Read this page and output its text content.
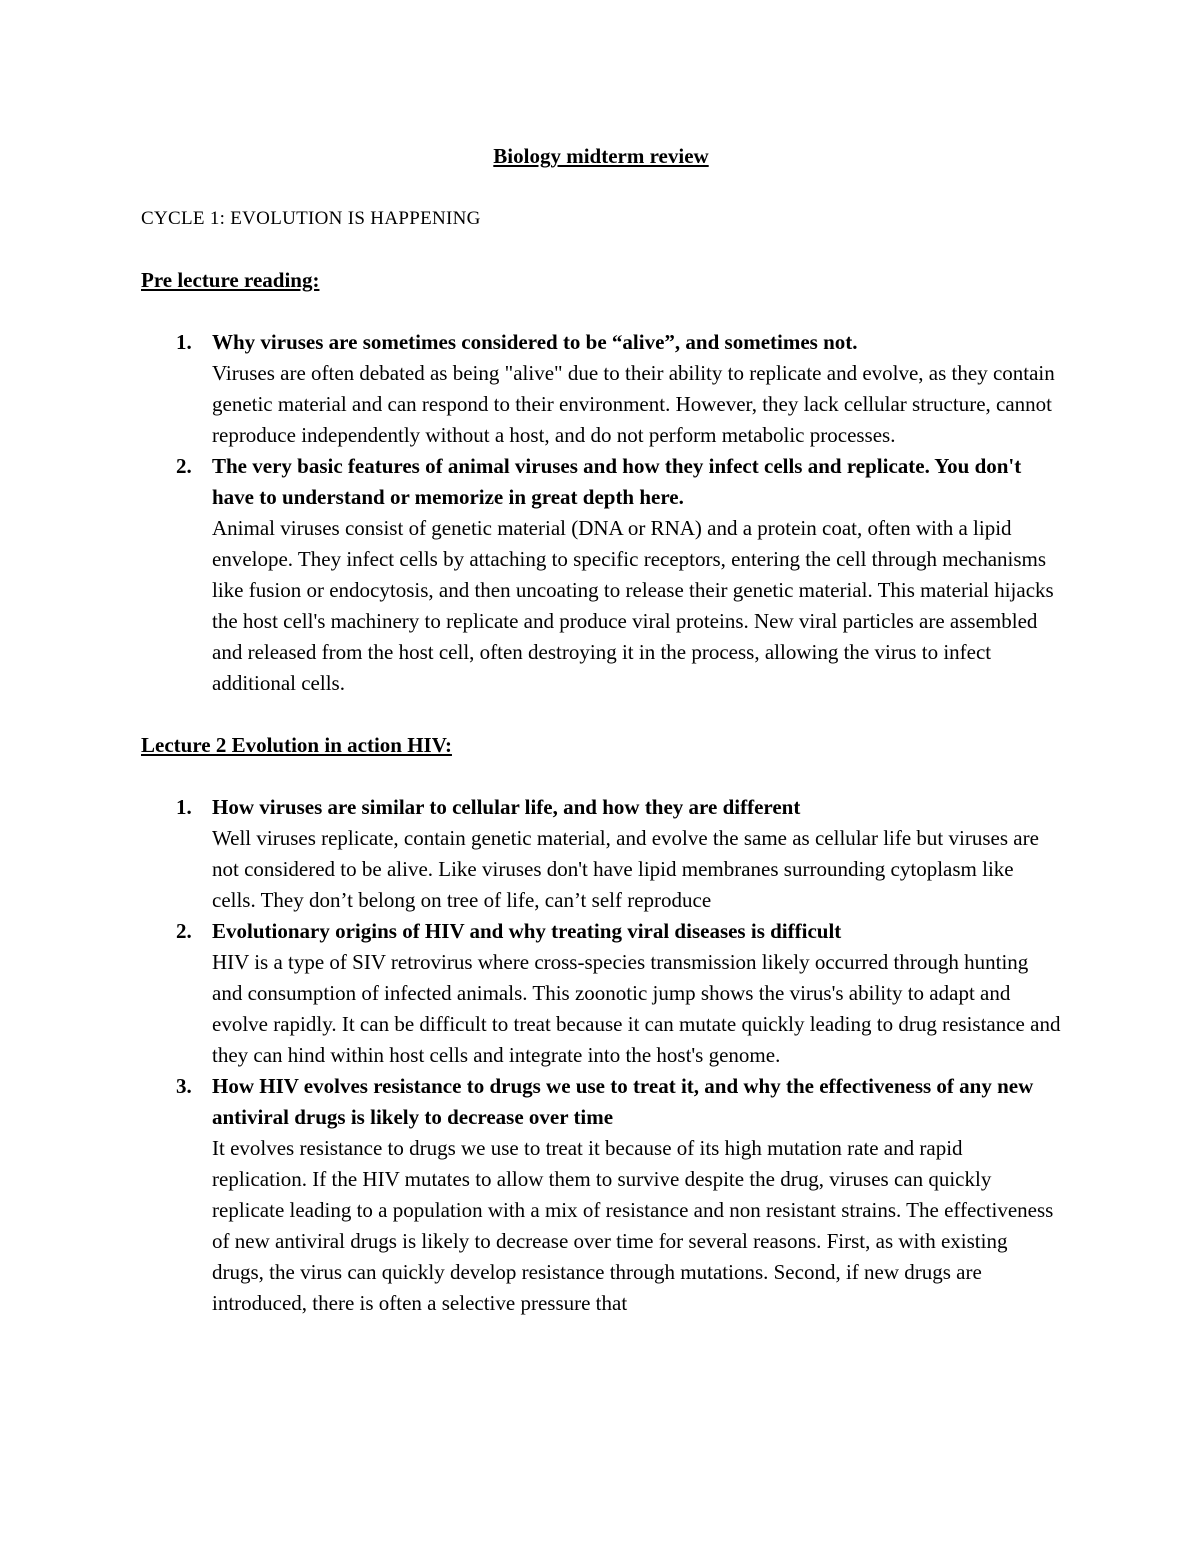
Biology midterm review
CYCLE 1: EVOLUTION IS HAPPENING
Pre lecture reading:
1. Why viruses are sometimes considered to be “alive”, and sometimes not.
Viruses are often debated as being "alive" due to their ability to replicate and evolve, as they contain genetic material and can respond to their environment. However, they lack cellular structure, cannot reproduce independently without a host, and do not perform metabolic processes.
2. The very basic features of animal viruses and how they infect cells and replicate. You don't have to understand or memorize in great depth here.
Animal viruses consist of genetic material (DNA or RNA) and a protein coat, often with a lipid envelope. They infect cells by attaching to specific receptors, entering the cell through mechanisms like fusion or endocytosis, and then uncoating to release their genetic material. This material hijacks the host cell's machinery to replicate and produce viral proteins. New viral particles are assembled and released from the host cell, often destroying it in the process, allowing the virus to infect additional cells.
Lecture 2 Evolution in action HIV:
1. How viruses are similar to cellular life, and how they are different
Well viruses replicate, contain genetic material, and evolve the same as cellular life but viruses are not considered to be alive. Like viruses don't have lipid membranes surrounding cytoplasm like cells. They don’t belong on tree of life, can’t self reproduce
2. Evolutionary origins of HIV and why treating viral diseases is difficult
HIV is a type of SIV retrovirus where cross-species transmission likely occurred through hunting and consumption of infected animals. This zoonotic jump shows the virus's ability to adapt and evolve rapidly. It can be difficult to treat because it can mutate quickly leading to drug resistance and they can hind within host cells and integrate into the host's genome.
3. How HIV evolves resistance to drugs we use to treat it, and why the effectiveness of any new antiviral drugs is likely to decrease over time
It evolves resistance to drugs we use to treat it because of its high mutation rate and rapid replication. If the HIV mutates to allow them to survive despite the drug, viruses can quickly replicate leading to a population with a mix of resistance and non resistant strains. The effectiveness of new antiviral drugs is likely to decrease over time for several reasons. First, as with existing drugs, the virus can quickly develop resistance through mutations. Second, if new drugs are introduced, there is often a selective pressure that
